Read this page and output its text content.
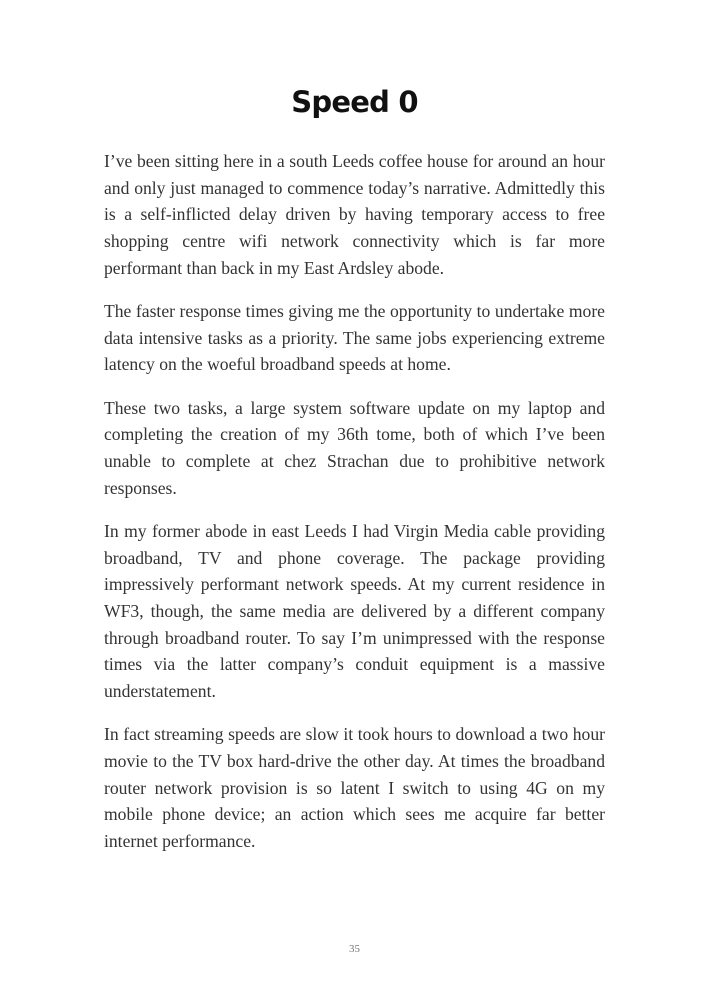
Speed 0

I’ve been sitting here in a south Leeds coffee house for around an hour and only just managed to commence today’s narrative. Admittedly this is a self-inflicted delay driven by having temporary access to free shopping centre wifi network connectivity which is far more performant than back in my East Ardsley abode.

The faster response times giving me the opportunity to undertake more data intensive tasks as a priority. The same jobs experiencing extreme latency on the woeful broadband speeds at home.

These two tasks, a large system software update on my laptop and completing the creation of my 36th tome, both of which I’ve been unable to complete at chez Strachan due to prohibitive network responses.

In my former abode in east Leeds I had Virgin Media cable providing broadband, TV and phone coverage. The package providing impressively performant network speeds. At my current residence in WF3, though, the same media are delivered by a different company through broadband router. To say I’m unimpressed with the response times via the latter company’s conduit equipment is a massive understatement.

In fact streaming speeds are slow it took hours to download a two hour movie to the TV box hard-drive the other day. At times the broadband router network provision is so latent I switch to using 4G on my mobile phone device; an action which sees me acquire far better internet performance.

35
